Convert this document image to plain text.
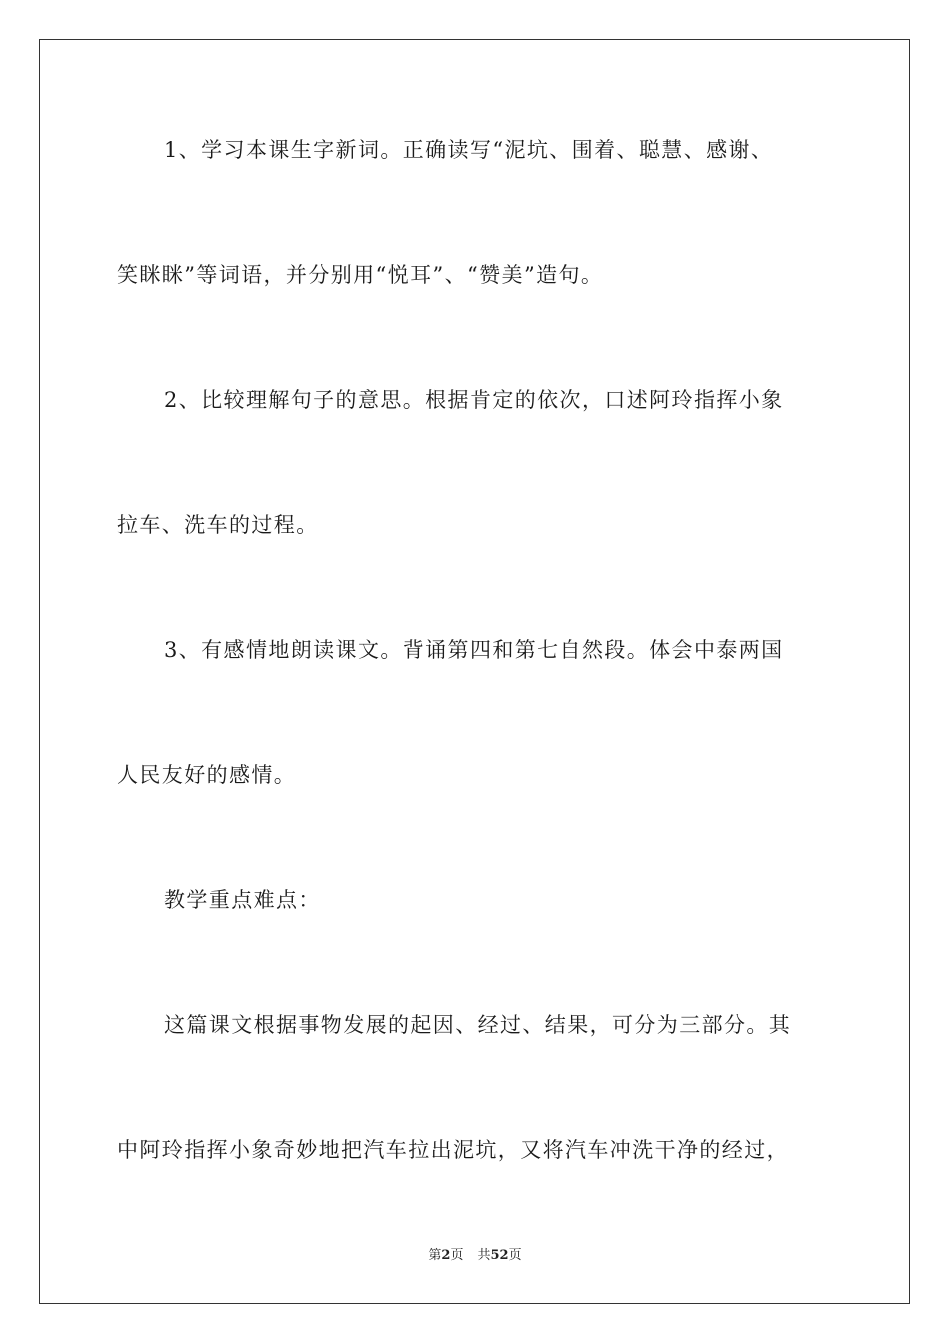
1、学习本课生字新词。正确读写“泥坑、围着、聪慧、感谢、
笑眯眯”等词语，并分别用“悦耳”、“赞美”造句。
2、比较理解句子的意思。根据肯定的依次，口述阿玲指挥小象
拉车、洗车的过程。
3、有感情地朗读课文。背诵第四和第七自然段。体会中泰两国
人民友好的感情。
教学重点难点：
这篇课文根据事物发展的起因、经过、结果，可分为三部分。其
中阿玲指挥小象奇妙地把汽车拉出泥坑，又将汽车冲洗干净的经过，
第2页 共52页
